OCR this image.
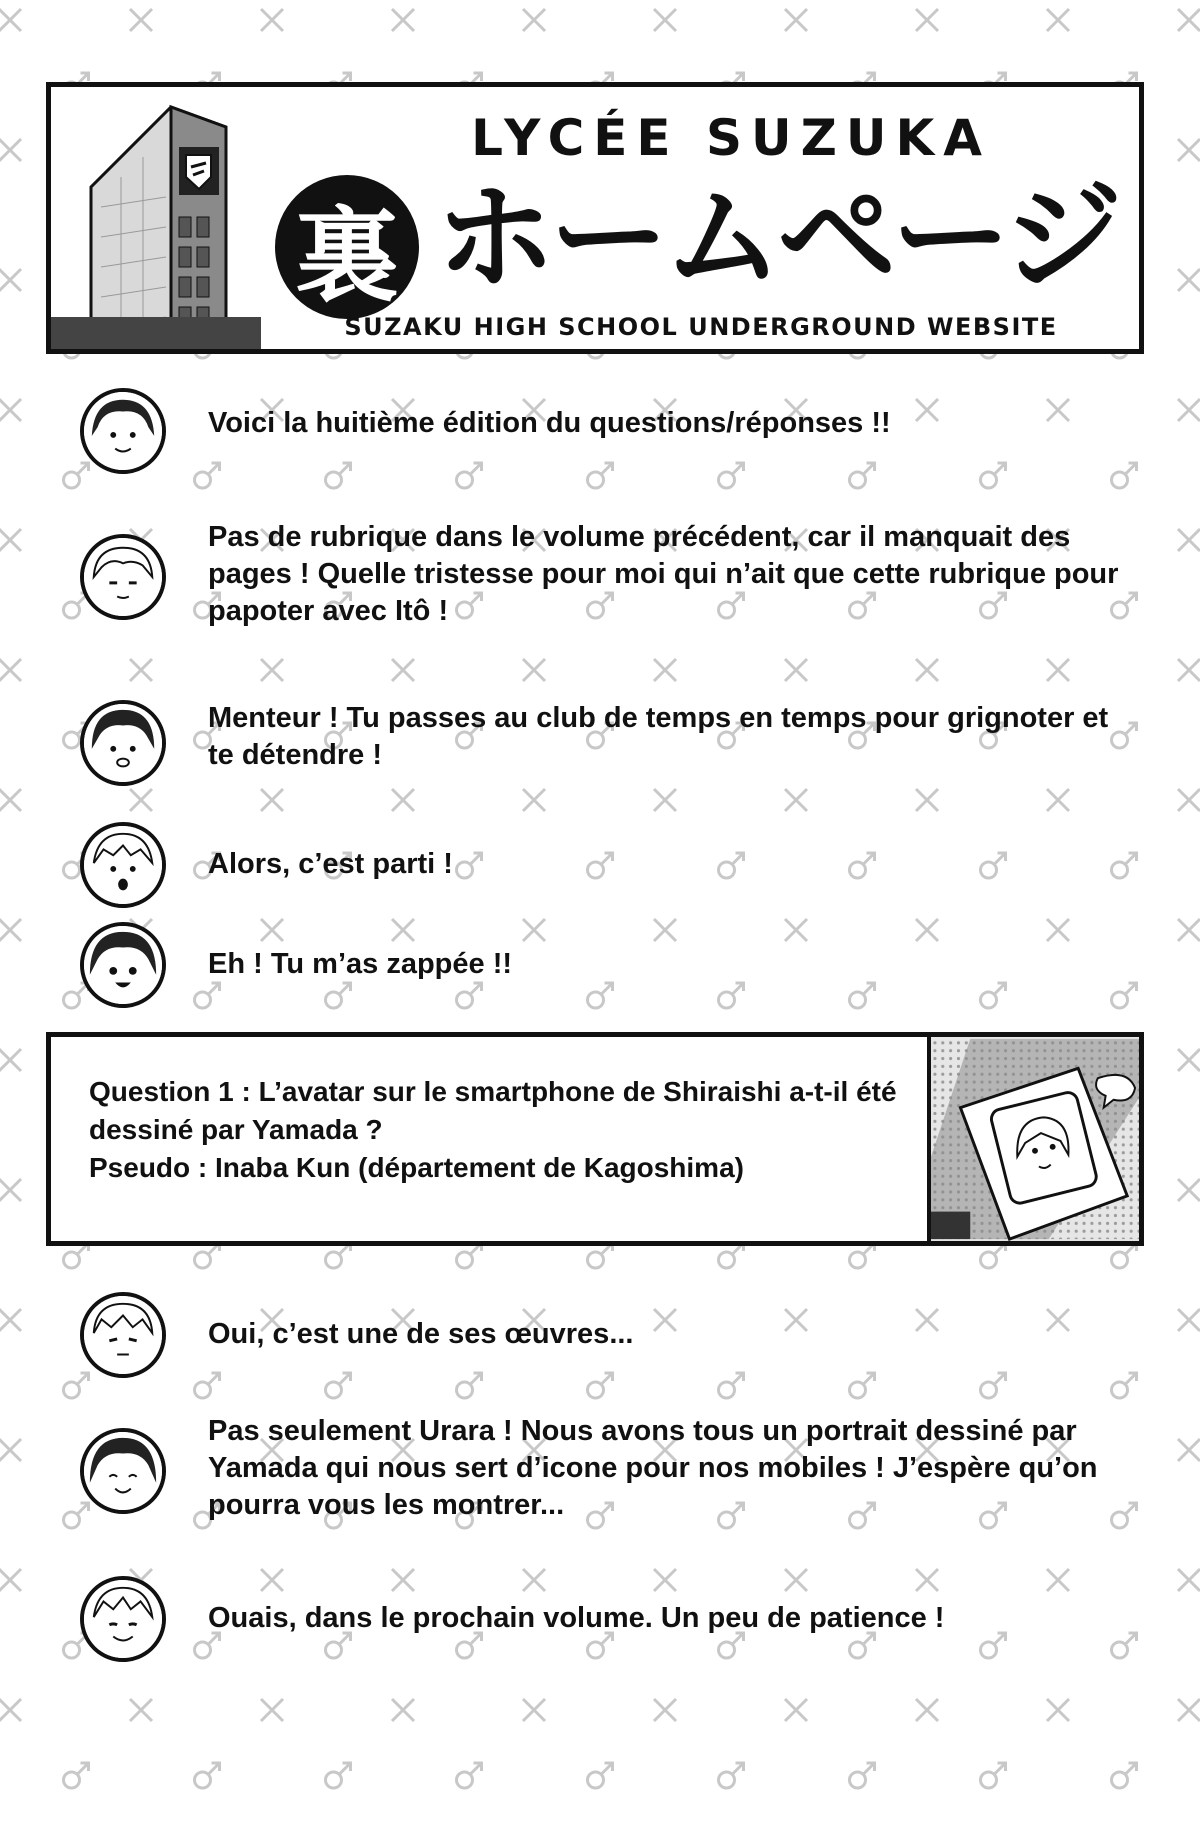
LYCÉE SUZUKA
裏 ホームページ
SUZAKU HIGH SCHOOL UNDERGROUND WEBSITE
Voici la huitième édition du questions/réponses !!
Pas de rubrique dans le volume précédent, car il manquait des pages ! Quelle tristesse pour moi qui n’ait que cette rubrique pour papoter avec Itô !
Menteur ! Tu passes au club de temps en temps pour grignoter et te détendre !
Alors, c’est parti !
Eh ! Tu m’as zappée !!
Question 1 : L’avatar sur le smartphone de Shiraishi a-t-il été dessiné par Yamada ?
Pseudo : Inaba Kun (département de Kagoshima)
Oui, c’est une de ses œuvres...
Pas seulement Urara ! Nous avons tous un portrait dessiné par Yamada qui nous sert d’icone pour nos mobiles ! J’espère qu’on pourra vous les montrer...
Ouais, dans le prochain volume. Un peu de patience !
